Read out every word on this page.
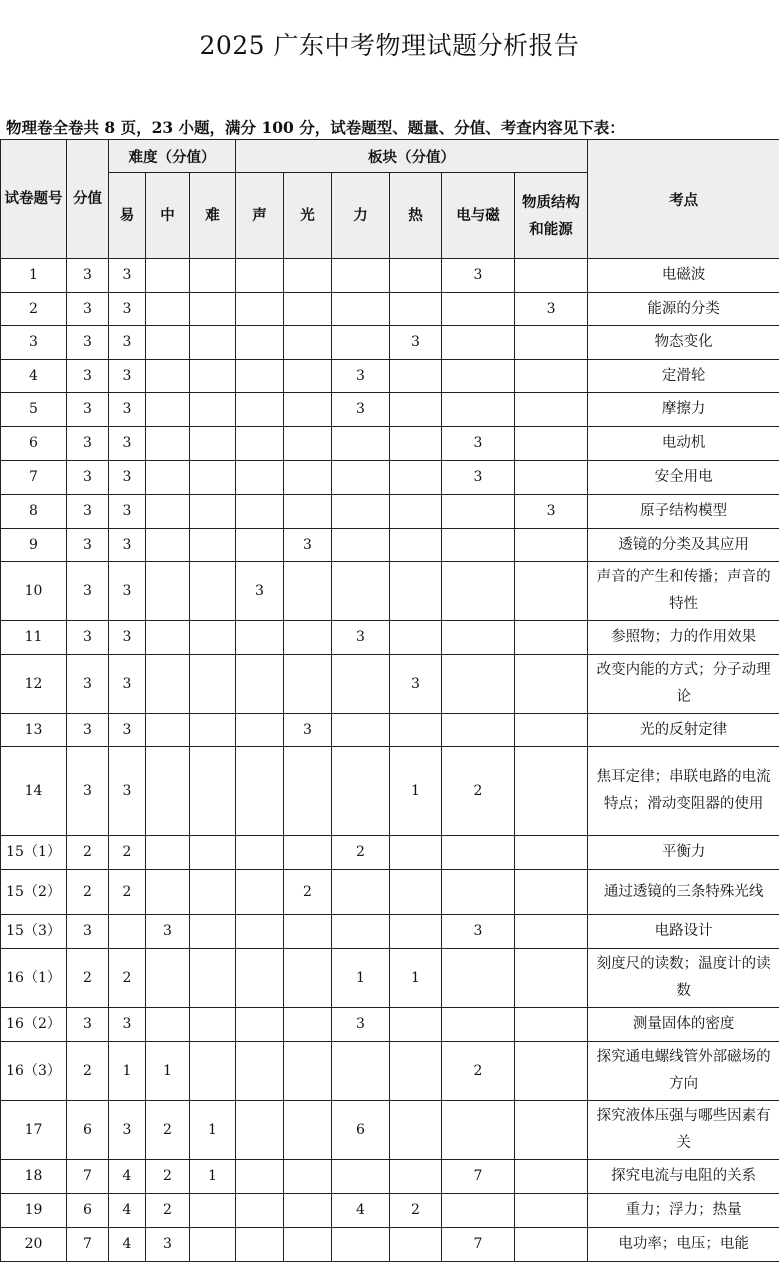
2025 广东中考物理试题分析报告
物理卷全卷共 8 页，23 小题，满分 100 分，试卷题型、题量、分值、考查内容见下表：
试卷题号	分值	难度（分值）			板块（分值）						考点
		易	中	难	声	光	力	热	电与磁	物质结构和能源	
1	3	3							3		电磁波
2	3	3								3	能源的分类
3	3	3						3			物态变化
4	3	3					3				定滑轮
5	3	3					3				摩擦力
6	3	3							3		电动机
7	3	3							3		安全用电
8	3	3								3	原子结构模型
9	3	3				3					透镜的分类及其应用
10	3	3			3						声音的产生和传播；声音的特性
11	3	3					3				参照物；力的作用效果
12	3	3						3			改变内能的方式；分子动理论
13	3	3				3					光的反射定律
14	3	3						1	2		焦耳定律；串联电路的电流特点；滑动变阻器的使用
15（1）	2	2					2				平衡力
15（2）	2	2				2					通过透镜的三条特殊光线
15（3）	3		3						3		电路设计
16（1）	2	2					1	1			刻度尺的读数；温度计的读数
16（2）	3	3					3				测量固体的密度
16（3）	2	1	1						2		探究通电螺线管外部磁场的方向
17	6	3	2	1			6				探究液体压强与哪些因素有关
18	7	4	2	1					7		探究电流与电阻的关系
19	6	4	2				4	2			重力；浮力；热量
20	7	4	3						7		电功率；电压；电能
